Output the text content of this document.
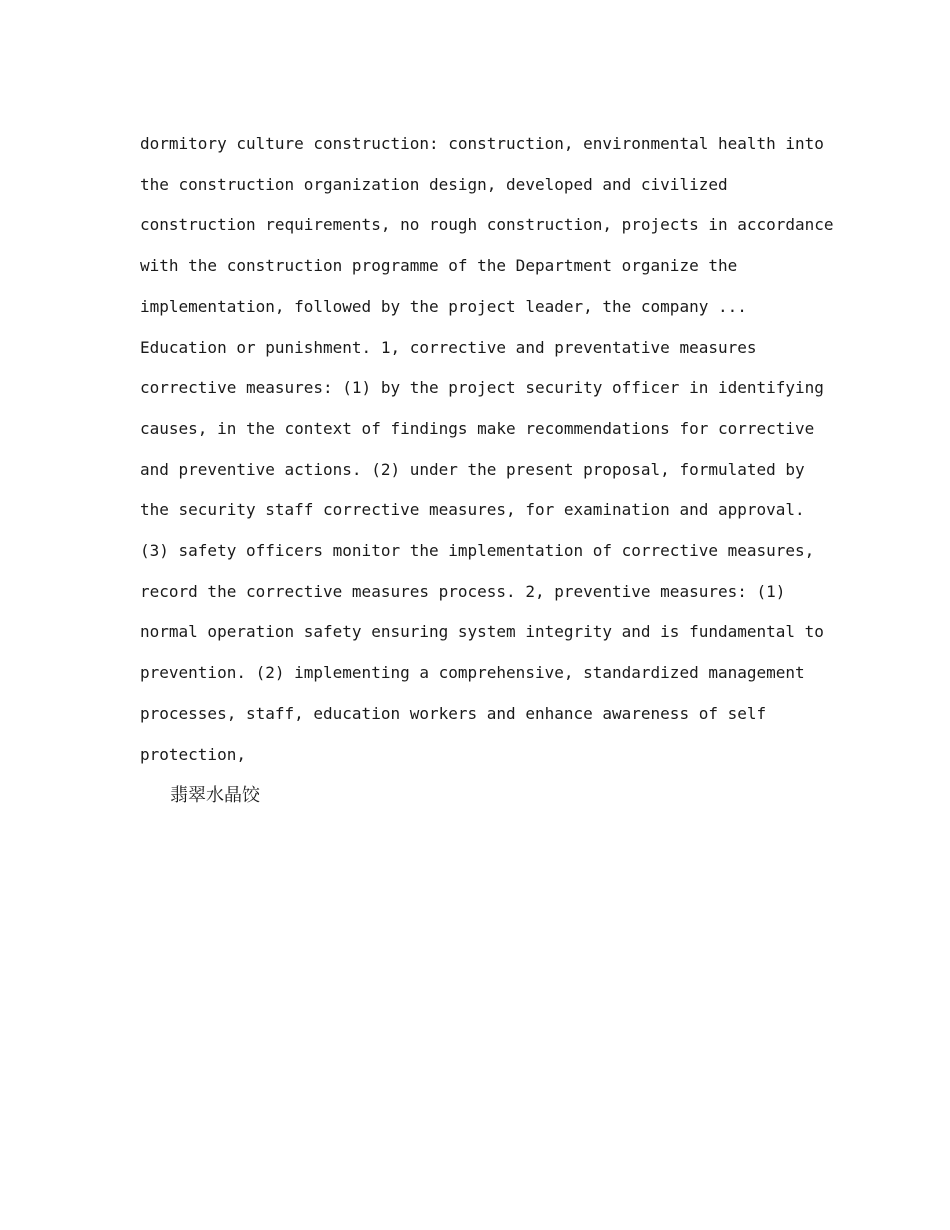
dormitory culture construction: construction, environmental health into
the construction organization design, developed and civilized
construction requirements, no rough construction, projects in accordance
with the construction programme of the Department organize the
implementation, followed by the project leader, the company ...
Education or punishment. 1, corrective and preventative measures
corrective measures: (1) by the project security officer in identifying
causes, in the context of findings make recommendations for corrective
and preventive actions. (2) under the present proposal, formulated by
the security staff corrective measures, for examination and approval.
(3) safety officers monitor the implementation of corrective measures,
record the corrective measures process. 2, preventive measures: (1)
normal operation safety ensuring system integrity and is fundamental to
prevention. (2) implementing a comprehensive, standardized management
processes, staff, education workers and enhance awareness of self
protection,
翡翠水晶饺
